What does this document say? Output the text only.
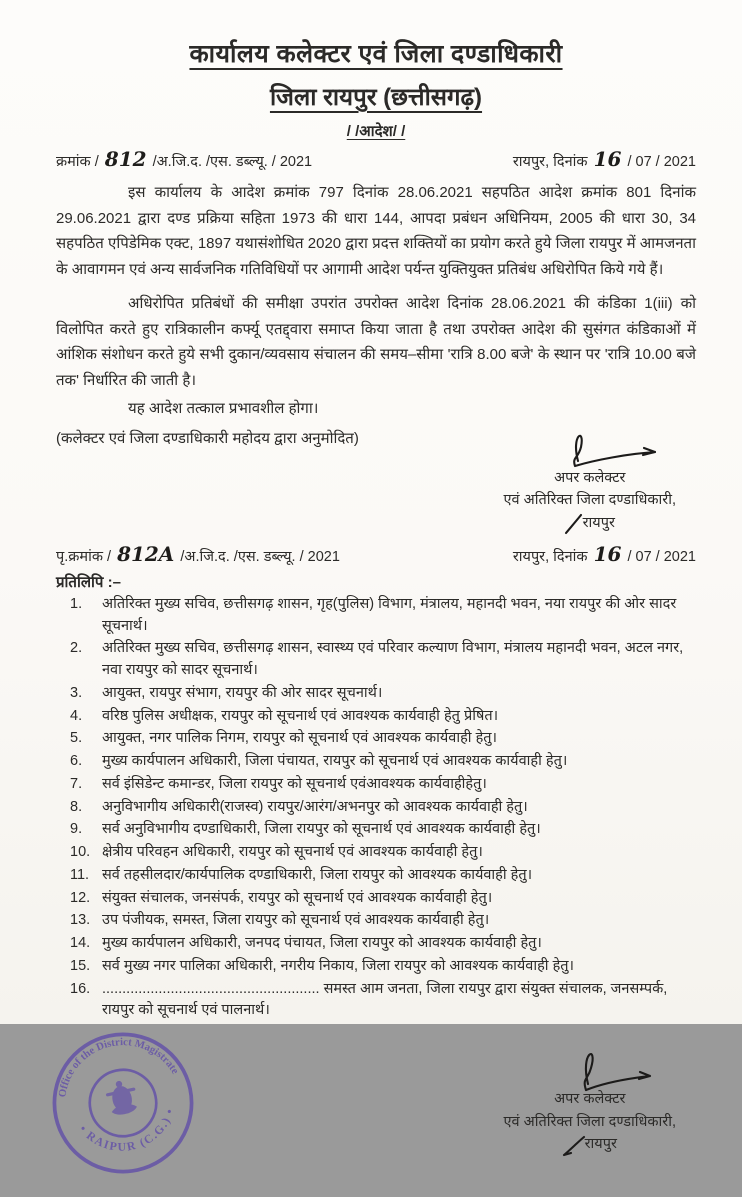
कार्यालय कलेक्टर एवं जिला दण्डाधिकारी
जिला रायपुर (छत्तीसगढ़)
/ /आदेश/ /
क्रमांक / 812 /अ.जि.द. /एस. डब्ल्यू. / 2021	रायपुर, दिनांक 16 / 07 / 2021

इस कार्यालय के आदेश क्रमांक 797 दिनांक 28.06.2021 सहपठित आदेश क्रमांक 801 दिनांक 29.06.2021 द्वारा दण्ड प्रक्रिया सहिता 1973 की धारा 144, आपदा प्रबंधन अधिनियम, 2005 की धारा 30, 34 सहपठित एपिडेमिक एक्ट, 1897 यथासंशोधित 2020 द्वारा प्रदत्त शक्तियों का प्रयोग करते हुये जिला रायपुर में आमजनता के आवागमन एवं अन्य सार्वजनिक गतिविधियों पर आगामी आदेश पर्यन्त युक्तियुक्त प्रतिबंध अधिरोपित किये गये हैं।

अधिरोपित प्रतिबंधों की समीक्षा उपरांत उपरोक्त आदेश दिनांक 28.06.2021 की कंडिका 1(iii) को विलोपित करते हुए रात्रिकालीन कर्फ्यू एतद्द्वारा समाप्त किया जाता है तथा उपरोक्त आदेश की सुसंगत कंडिकाओं में आंशिक संशोधन करते हुये सभी दुकान/व्यवसाय संचालन की समय–सीमा 'रात्रि 8.00 बजे' के स्थान पर 'रात्रि 10.00 बजे तक' निर्धारित की जाती है।

यह आदेश तत्काल प्रभावशील होगा।

(कलेक्टर एवं जिला दण्डाधिकारी महोदय द्वारा अनुमोदित)
अपर कलेक्टर
एवं अतिरिक्त जिला दण्डाधिकारी,
रायपुर
पृ.क्रमांक / 812A /अ.जि.द. /एस. डब्ल्यू. / 2021	रायपुर, दिनांक 16 / 07 / 2021
प्रतिलिपि :–
1. अतिरिक्त मुख्य सचिव, छत्तीसगढ़ शासन, गृह(पुलिस) विभाग, मंत्रालय, महानदी भवन, नया रायपुर की ओर सादर सूचनार्थ।
2. अतिरिक्त मुख्य सचिव, छत्तीसगढ़ शासन, स्वास्थ्य एवं परिवार कल्याण विभाग, मंत्रालय महानदी भवन, अटल नगर, नवा रायपुर को सादर सूचनार्थ।
3. आयुक्त, रायपुर संभाग, रायपुर की ओर सादर सूचनार्थ।
4. वरिष्ठ पुलिस अधीक्षक, रायपुर को सूचनार्थ एवं आवश्यक कार्यवाही हेतु प्रेषित।
5. आयुक्त, नगर पालिक निगम, रायपुर को सूचनार्थ एवं आवश्यक कार्यवाही हेतु।
6. मुख्य कार्यपालन अधिकारी, जिला पंचायत, रायपुर को सूचनार्थ एवं आवश्यक कार्यवाही हेतु।
7. सर्व इंसिडेन्ट कमान्डर, जिला रायपुर को सूचनार्थ एवंआवश्यक कार्यवाहीहेतु।
8. अनुविभागीय अधिकारी(राजस्व) रायपुर/आरंग/अभनपुर को आवश्यक कार्यवाही हेतु।
9. सर्व अनुविभागीय दण्डाधिकारी, जिला रायपुर को सूचनार्थ एवं आवश्यक कार्यवाही हेतु।
10. क्षेत्रीय परिवहन अधिकारी, रायपुर को सूचनार्थ एवं आवश्यक कार्यवाही हेतु।
11. सर्व तहसीलदार/कार्यपालिक दण्डाधिकारी, जिला रायपुर को आवश्यक कार्यवाही हेतु।
12. संयुक्त संचालक, जनसंपर्क, रायपुर को सूचनार्थ एवं आवश्यक कार्यवाही हेतु।
13. उप पंजीयक, समस्त, जिला रायपुर को सूचनार्थ एवं आवश्यक कार्यवाही हेतु।
14. मुख्य कार्यपालन अधिकारी, जनपद पंचायत, जिला रायपुर को आवश्यक कार्यवाही हेतु।
15. सर्व मुख्य नगर पालिका अधिकारी, नगरीय निकाय, जिला रायपुर को आवश्यक कार्यवाही हेतु।
16. ...................................................... समस्त आम जनता, जिला रायपुर द्वारा संयुक्त संचालक, जनसम्पर्क, रायपुर को सूचनार्थ एवं पालनार्थ।
Office of the District Magistrate
• RAIPUR (C.G.) •
अपर कलेक्टर
एवं अतिरिक्त जिला दण्डाधिकारी,
रायपुर
